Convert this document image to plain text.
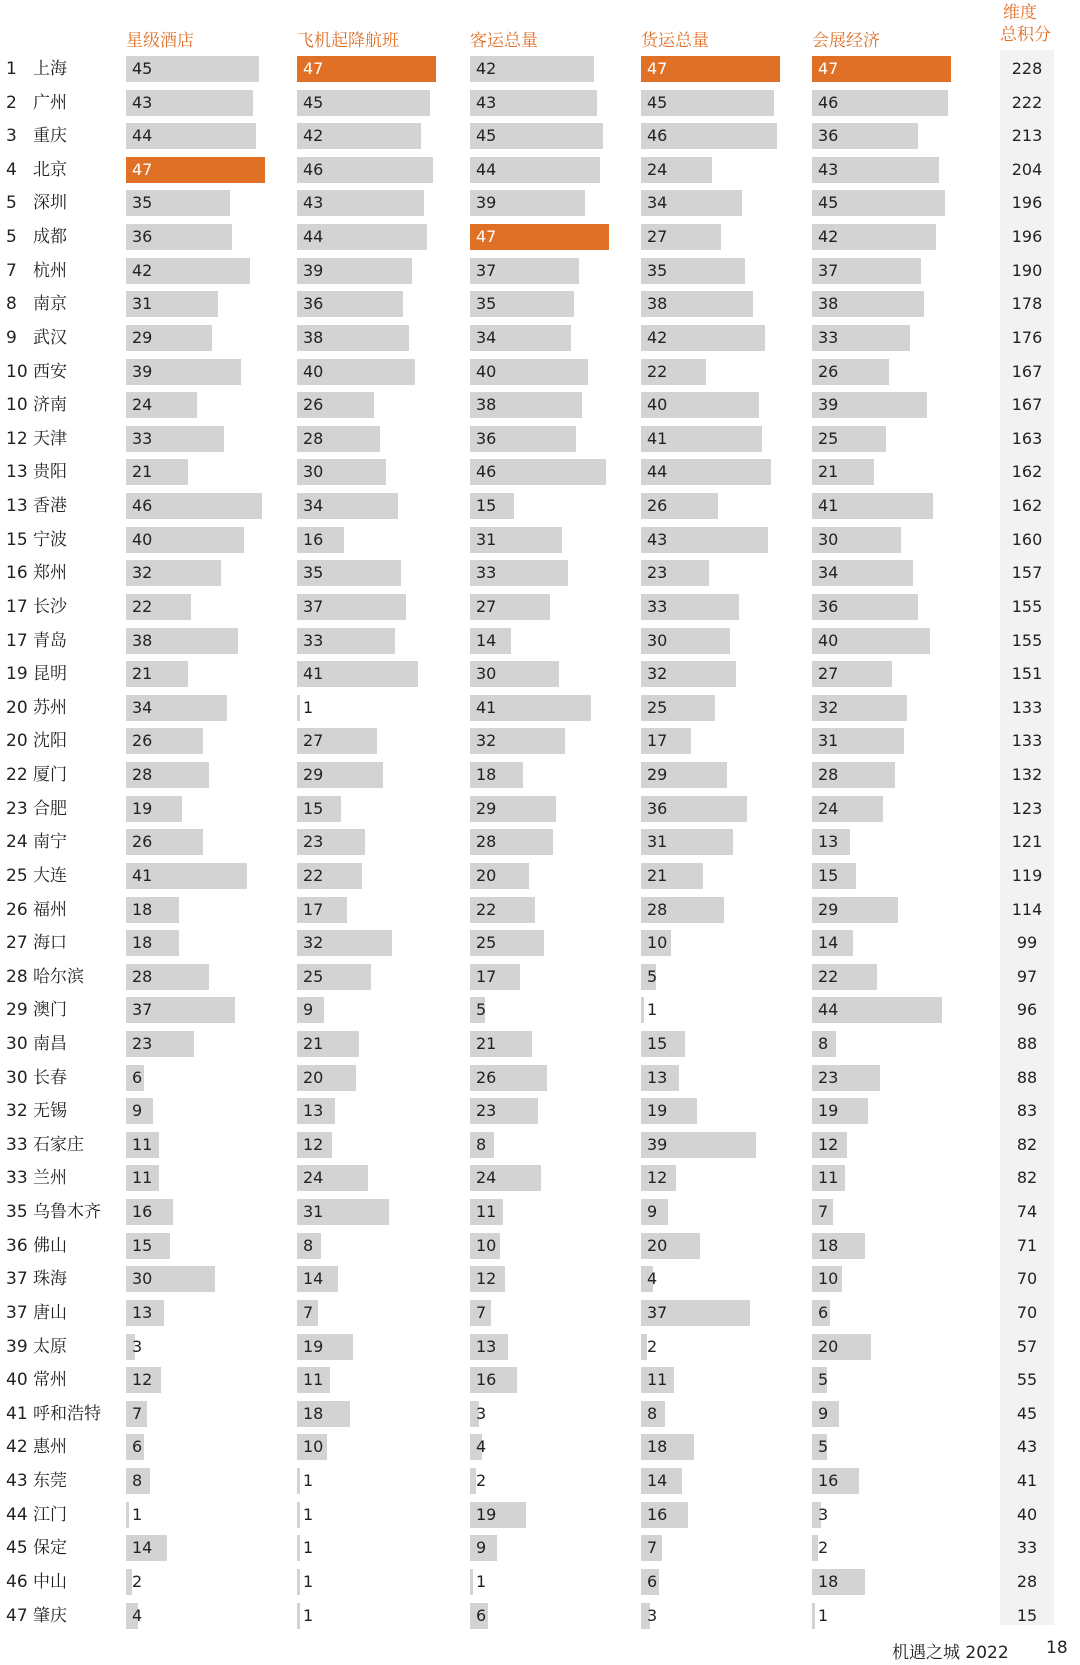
星级酒店	飞机起降航班	客运总量	货运总量	会展经济
维度
总积分
1 上海	45	47	42	47	47	228
2 广州	43	45	43	45	46	222
3 重庆	44	42	45	46	36	213
4 北京	47	46	44	24	43	204
5 深圳	35	43	39	34	45	196
5 成都	36	44	47	27	42	196
7 杭州	42	39	37	35	37	190
8 南京	31	36	35	38	38	178
9 武汉	29	38	34	42	33	176
10 西安	39	40	40	22	26	167
10 济南	24	26	38	40	39	167
12 天津	33	28	36	41	25	163
13 贵阳	21	30	46	44	21	162
13 香港	46	34	15	26	41	162
15 宁波	40	16	31	43	30	160
16 郑州	32	35	33	23	34	157
17 长沙	22	37	27	33	36	155
17 青岛	38	33	14	30	40	155
19 昆明	21	41	30	32	27	151
20 苏州	34	1	41	25	32	133
20 沈阳	26	27	32	17	31	133
22 厦门	28	29	18	29	28	132
23 合肥	19	15	29	36	24	123
24 南宁	26	23	28	31	13	121
25 大连	41	22	20	21	15	119
26 福州	18	17	22	28	29	114
27 海口	18	32	25	10	14	99
28 哈尔滨	28	25	17	5	22	97
29 澳门	37	9	5	1	44	96
30 南昌	23	21	21	15	8	88
30 长春	6	20	26	13	23	88
32 无锡	9	13	23	19	19	83
33 石家庄	11	12	8	39	12	82
33 兰州	11	24	24	12	11	82
35 乌鲁木齐	16	31	11	9	7	74
36 佛山	15	8	10	20	18	71
37 珠海	30	14	12	4	10	70
37 唐山	13	7	7	37	6	70
39 太原	3	19	13	2	20	57
40 常州	12	11	16	11	5	55
41 呼和浩特	7	18	3	8	9	45
42 惠州	6	10	4	18	5	43
43 东莞	8	1	2	14	16	41
44 江门	1	1	19	16	3	40
45 保定	14	1	9	7	2	33
46 中山	2	1	1	6	18	28
47 肇庆	4	1	6	3	1	15
机遇之城 2022 18
